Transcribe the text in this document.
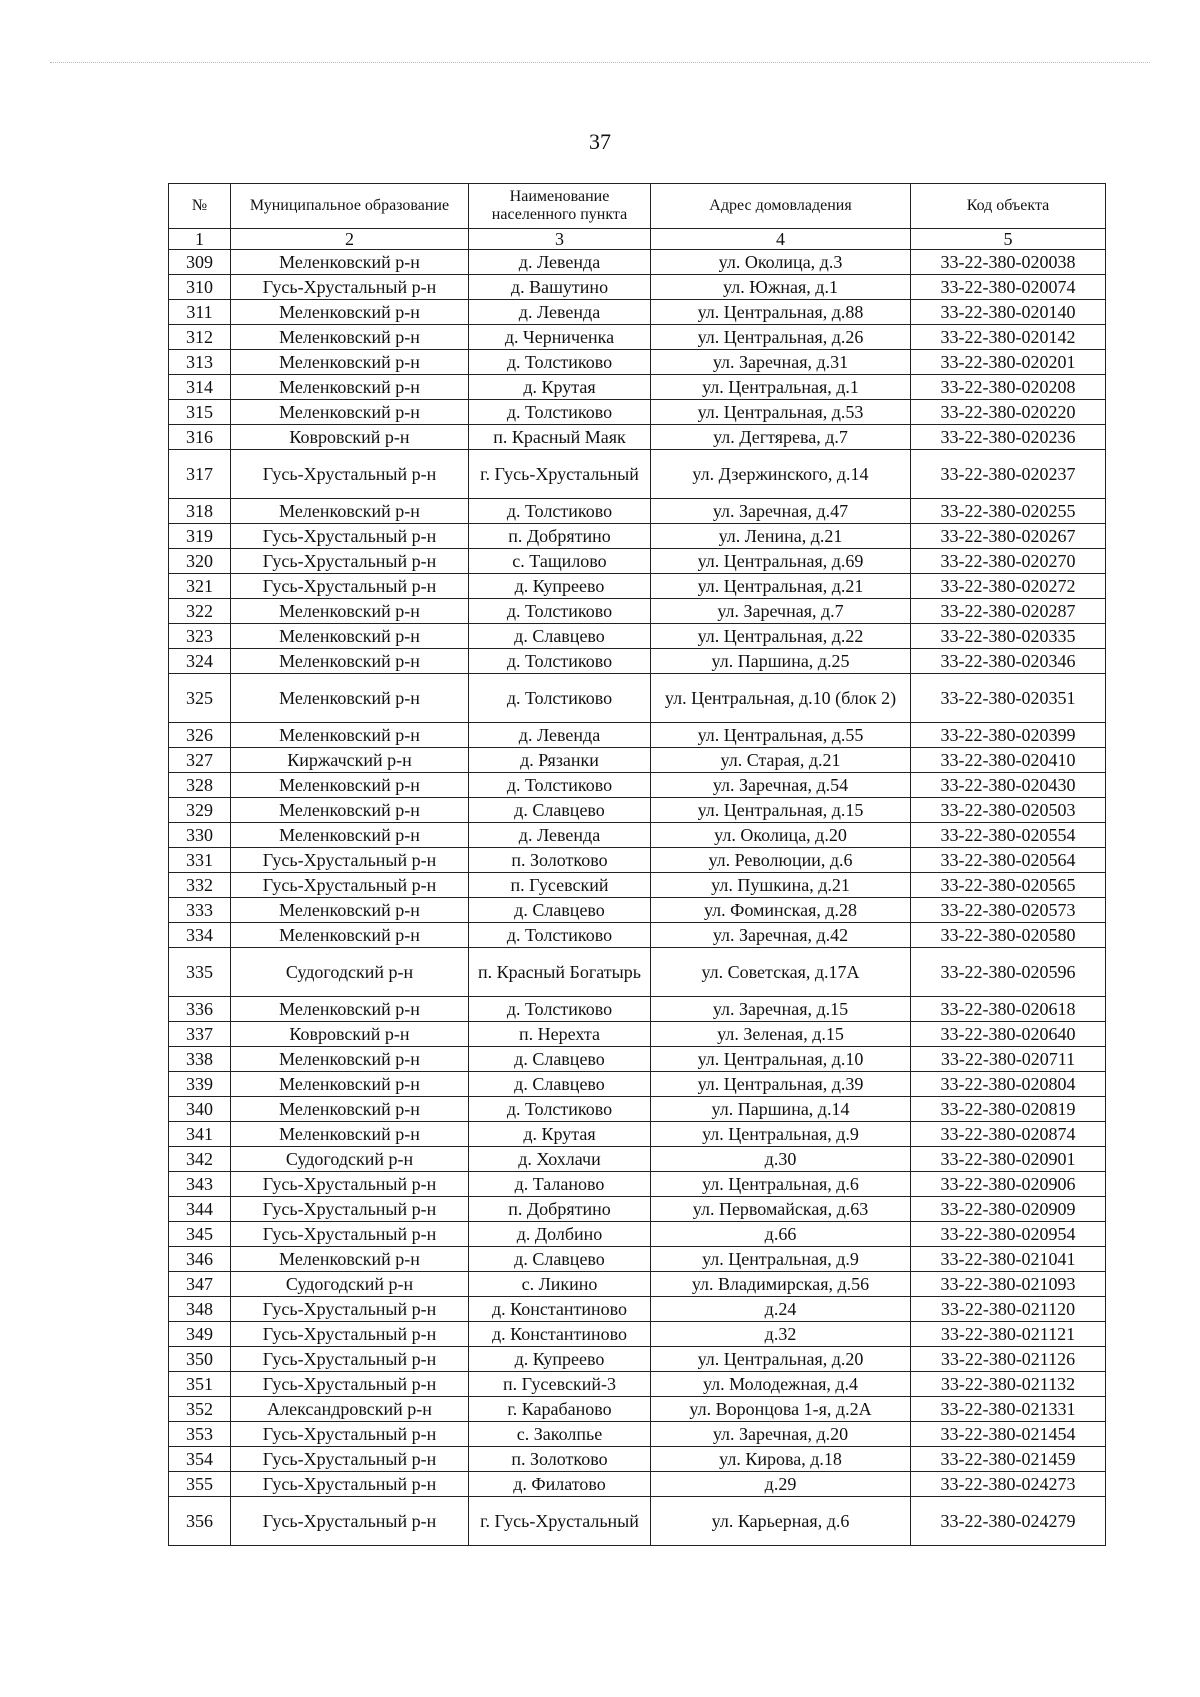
37
№	Муниципальное образование	Наименование населенного пункта	Адрес домовладения	Код объекта
1	2	3	4	5
309	Меленковский р-н	д. Левенда	ул. Околица, д.3	33-22-380-020038
310	Гусь-Хрустальный р-н	д. Вашутино	ул. Южная, д.1	33-22-380-020074
311	Меленковский р-н	д. Левенда	ул. Центральная, д.88	33-22-380-020140
312	Меленковский р-н	д. Черниченка	ул. Центральная, д.26	33-22-380-020142
313	Меленковский р-н	д. Толстиково	ул. Заречная, д.31	33-22-380-020201
314	Меленковский р-н	д. Крутая	ул. Центральная, д.1	33-22-380-020208
315	Меленковский р-н	д. Толстиково	ул. Центральная, д.53	33-22-380-020220
316	Ковровский р-н	п. Красный Маяк	ул. Дегтярева, д.7	33-22-380-020236
317	Гусь-Хрустальный р-н	г. Гусь-Хрустальный	ул. Дзержинского, д.14	33-22-380-020237
318	Меленковский р-н	д. Толстиково	ул. Заречная, д.47	33-22-380-020255
319	Гусь-Хрустальный р-н	п. Добрятино	ул. Ленина, д.21	33-22-380-020267
320	Гусь-Хрустальный р-н	с. Тащилово	ул. Центральная, д.69	33-22-380-020270
321	Гусь-Хрустальный р-н	д. Купреево	ул. Центральная, д.21	33-22-380-020272
322	Меленковский р-н	д. Толстиково	ул. Заречная, д.7	33-22-380-020287
323	Меленковский р-н	д. Славцево	ул. Центральная, д.22	33-22-380-020335
324	Меленковский р-н	д. Толстиково	ул. Паршина, д.25	33-22-380-020346
325	Меленковский р-н	д. Толстиково	ул. Центральная, д.10 (блок 2)	33-22-380-020351
326	Меленковский р-н	д. Левенда	ул. Центральная, д.55	33-22-380-020399
327	Киржачский р-н	д. Рязанки	ул. Старая, д.21	33-22-380-020410
328	Меленковский р-н	д. Толстиково	ул. Заречная, д.54	33-22-380-020430
329	Меленковский р-н	д. Славцево	ул. Центральная, д.15	33-22-380-020503
330	Меленковский р-н	д. Левенда	ул. Околица, д.20	33-22-380-020554
331	Гусь-Хрустальный р-н	п. Золотково	ул. Революции, д.6	33-22-380-020564
332	Гусь-Хрустальный р-н	п. Гусевский	ул. Пушкина, д.21	33-22-380-020565
333	Меленковский р-н	д. Славцево	ул. Фоминская, д.28	33-22-380-020573
334	Меленковский р-н	д. Толстиково	ул. Заречная, д.42	33-22-380-020580
335	Судогодский р-н	п. Красный Богатырь	ул. Советская, д.17А	33-22-380-020596
336	Меленковский р-н	д. Толстиково	ул. Заречная, д.15	33-22-380-020618
337	Ковровский р-н	п. Нерехта	ул. Зеленая, д.15	33-22-380-020640
338	Меленковский р-н	д. Славцево	ул. Центральная, д.10	33-22-380-020711
339	Меленковский р-н	д. Славцево	ул. Центральная, д.39	33-22-380-020804
340	Меленковский р-н	д. Толстиково	ул. Паршина, д.14	33-22-380-020819
341	Меленковский р-н	д. Крутая	ул. Центральная, д.9	33-22-380-020874
342	Судогодский р-н	д. Хохлачи	д.30	33-22-380-020901
343	Гусь-Хрустальный р-н	д. Таланово	ул. Центральная, д.6	33-22-380-020906
344	Гусь-Хрустальный р-н	п. Добрятино	ул. Первомайская, д.63	33-22-380-020909
345	Гусь-Хрустальный р-н	д. Долбино	д.66	33-22-380-020954
346	Меленковский р-н	д. Славцево	ул. Центральная, д.9	33-22-380-021041
347	Судогодский р-н	с. Ликино	ул. Владимирская, д.56	33-22-380-021093
348	Гусь-Хрустальный р-н	д. Константиново	д.24	33-22-380-021120
349	Гусь-Хрустальный р-н	д. Константиново	д.32	33-22-380-021121
350	Гусь-Хрустальный р-н	д. Купреево	ул. Центральная, д.20	33-22-380-021126
351	Гусь-Хрустальный р-н	п. Гусевский-3	ул. Молодежная, д.4	33-22-380-021132
352	Александровский р-н	г. Карабаново	ул. Воронцова 1-я, д.2А	33-22-380-021331
353	Гусь-Хрустальный р-н	с. Заколпье	ул. Заречная, д.20	33-22-380-021454
354	Гусь-Хрустальный р-н	п. Золотково	ул. Кирова, д.18	33-22-380-021459
355	Гусь-Хрустальный р-н	д. Филатово	д.29	33-22-380-024273
356	Гусь-Хрустальный р-н	г. Гусь-Хрустальный	ул. Карьерная, д.6	33-22-380-024279
